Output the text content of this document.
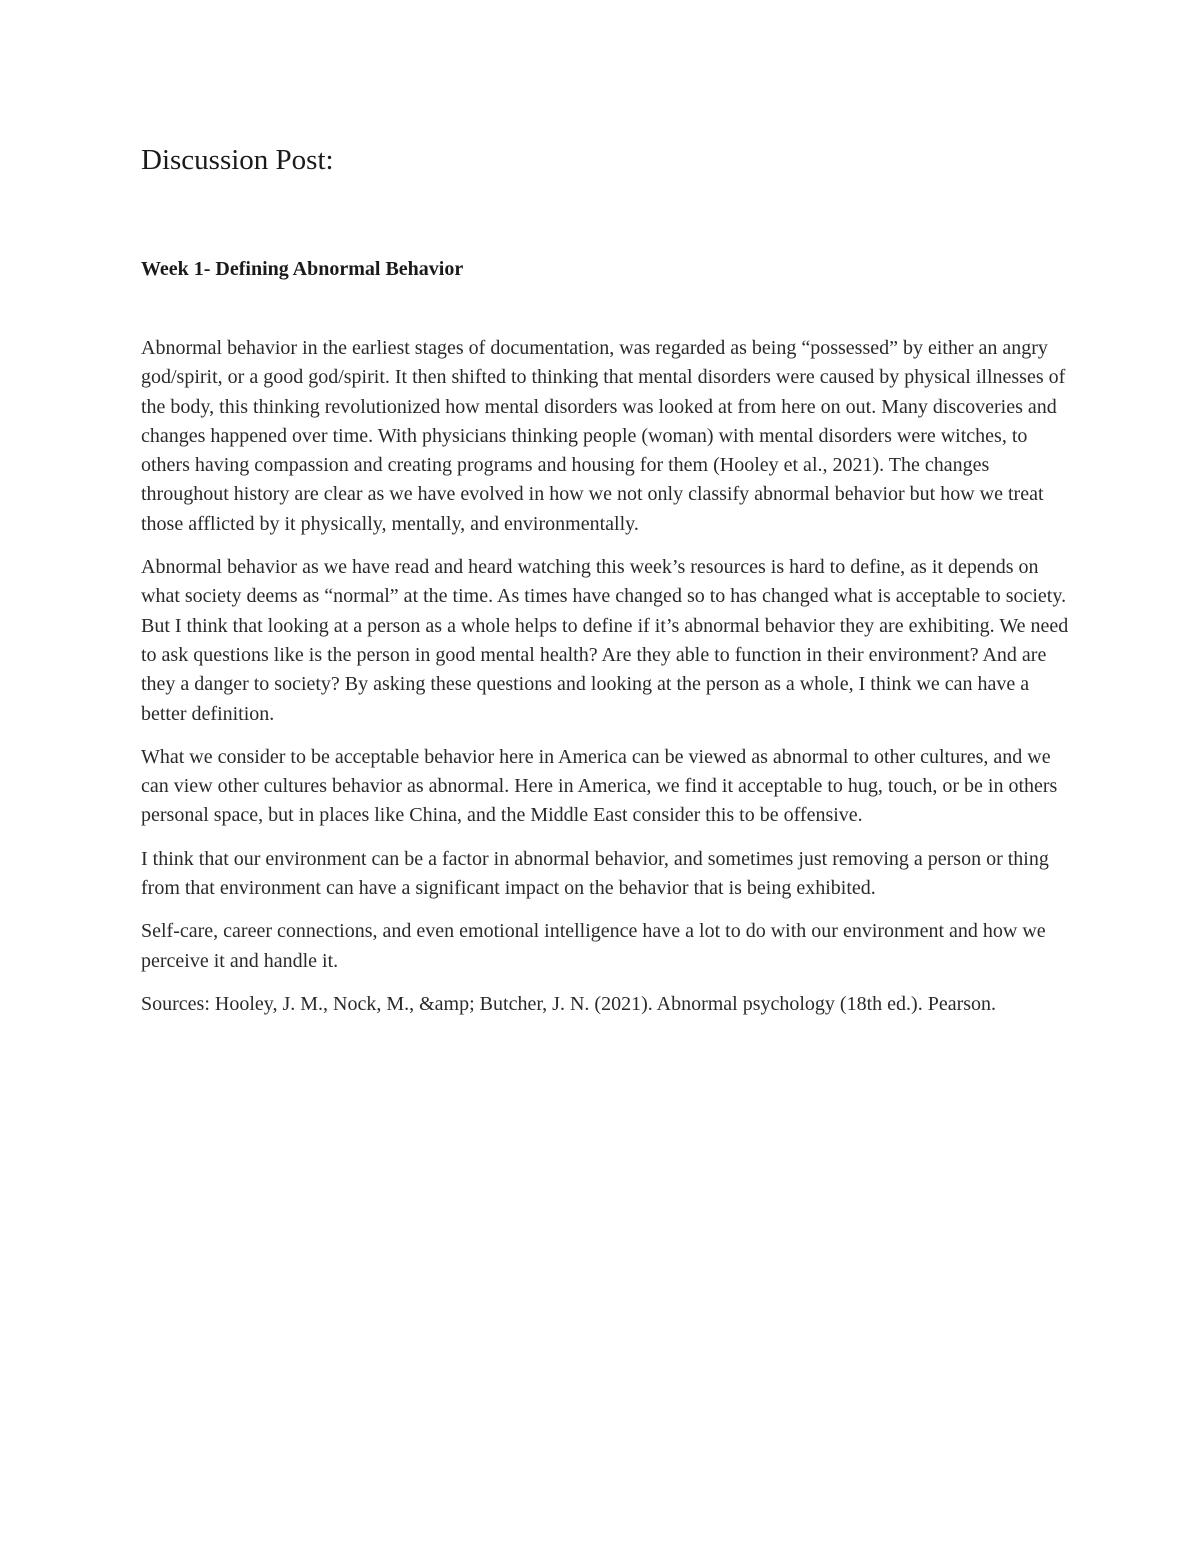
Discussion Post:
Week 1- Defining Abnormal Behavior

Abnormal behavior in the earliest stages of documentation, was regarded as being “possessed” by either an angry god/spirit, or a good god/spirit. It then shifted to thinking that mental disorders were caused by physical illnesses of the body, this thinking revolutionized how mental disorders was looked at from here on out. Many discoveries and changes happened over time. With physicians thinking people (woman) with mental disorders were witches, to others having compassion and creating programs and housing for them (Hooley et al., 2021). The changes throughout history are clear as we have evolved in how we not only classify abnormal behavior but how we treat those afflicted by it physically, mentally, and environmentally.

Abnormal behavior as we have read and heard watching this week’s resources is hard to define, as it depends on what society deems as “normal” at the time. As times have changed so to has changed what is acceptable to society. But I think that looking at a person as a whole helps to define if it’s abnormal behavior they are exhibiting. We need to ask questions like is the person in good mental health? Are they able to function in their environment? And are they a danger to society? By asking these questions and looking at the person as a whole, I think we can have a better definition.

What we consider to be acceptable behavior here in America can be viewed as abnormal to other cultures, and we can view other cultures behavior as abnormal. Here in America, we find it acceptable to hug, touch, or be in others personal space, but in places like China, and the Middle East consider this to be offensive.

I think that our environment can be a factor in abnormal behavior, and sometimes just removing a person or thing from that environment can have a significant impact on the behavior that is being exhibited.

Self-care, career connections, and even emotional intelligence have a lot to do with our environment and how we perceive it and handle it.

Sources: Hooley, J. M., Nock, M., &amp; Butcher, J. N. (2021). Abnormal psychology (18th ed.). Pearson.
